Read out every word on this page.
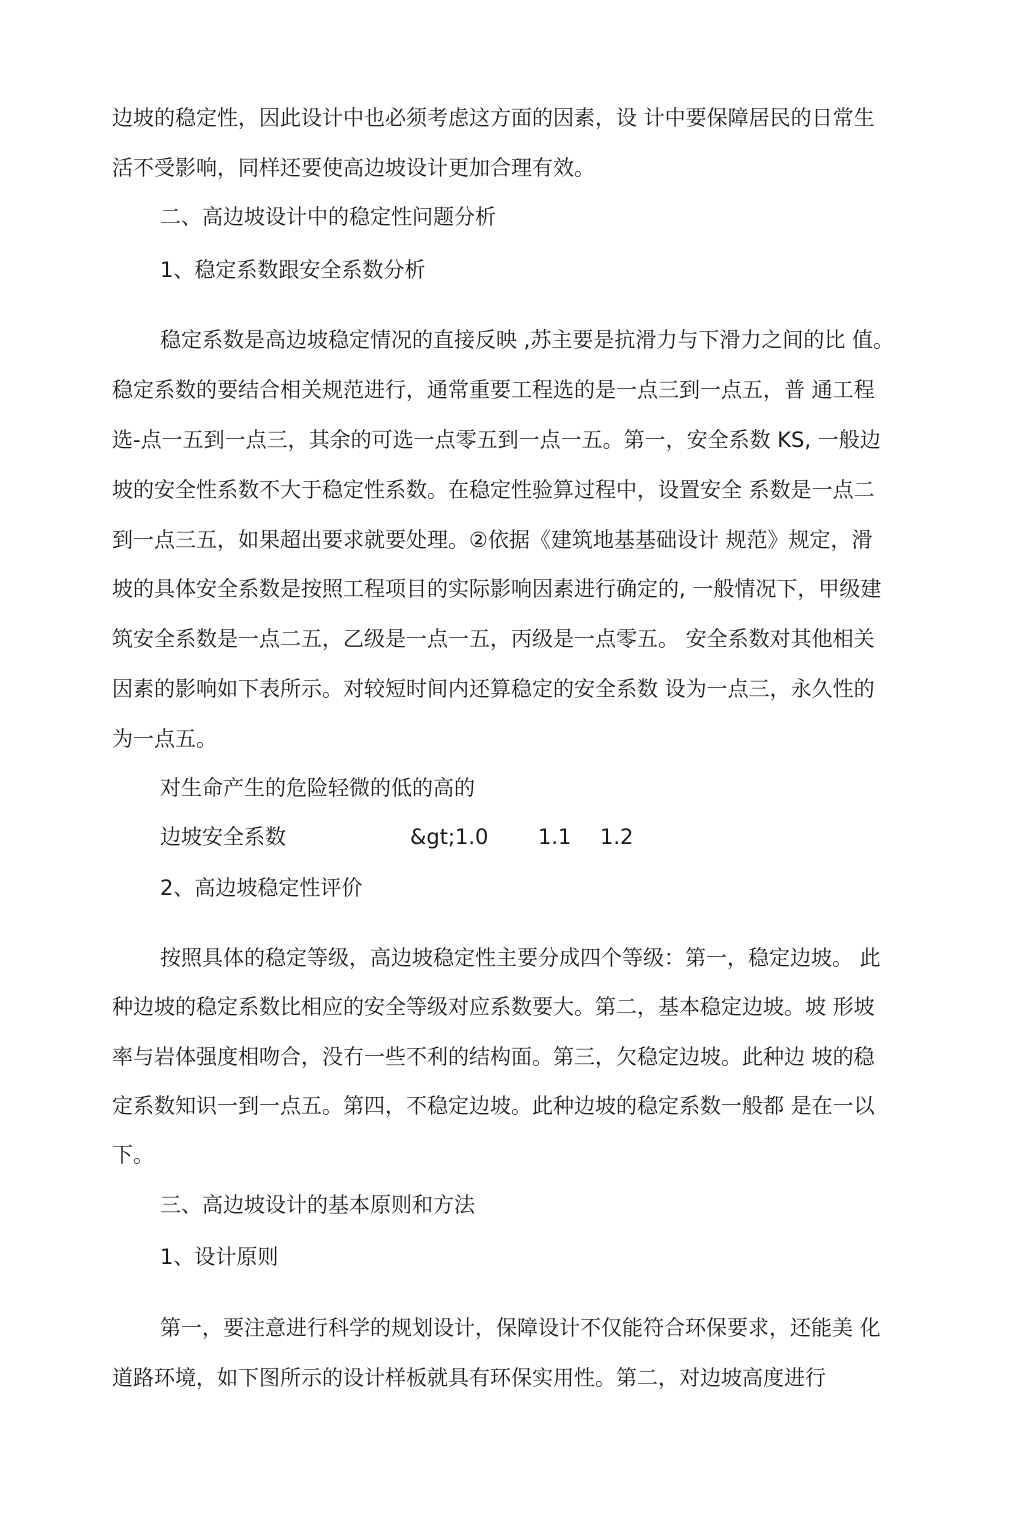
边坡的稳定性，因此设计中也必须考虑这方面的因素，设 计中要保障居民的日常生
活不受影响，同样还要使高边坡设计更加合理有效。
二、高边坡设计中的稳定性问题分析
1、稳定系数跟安全系数分析
稳定系数是高边坡稳定情况的直接反映 ,苏主要是抗滑力与下滑力之间的比 值。
稳定系数的要结合相关规范进行，通常重要工程选的是一点三到一点五，普 通工程
选-点一五到一点三，其余的可选一点零五到一点一五。第一，安全系数 KS, 一般边
坡的安全性系数不大于稳定性系数。在稳定性验算过程中，设置安全 系数是一点二
到一点三五，如果超出要求就要处理。②依据《建筑地基基础设计 规范》规定，滑
坡的具体安全系数是按照工程项目的实际影响因素进行确定的, 一般情况下，甲级建
筑安全系数是一点二五，乙级是一点一五，丙级是一点零五。 安全系数对其他相关
因素的影响如下表所示。对较短时间内还算稳定的安全系数 设为一点三，永久性的
为一点五。
对生命产生的危险轻微的低的高的
边坡安全系数	&gt;1.0 1.1 1.2
2、高边坡稳定性评价
按照具体的稳定等级，高边坡稳定性主要分成四个等级：第一，稳定边坡。 此
种边坡的稳定系数比相应的安全等级对应系数要大。第二，基本稳定边坡。坡 形坡
率与岩体强度相吻合，没冇一些不利的结构面。第三，欠稳定边坡。此种边 坡的稳
定系数知识一到一点五。第四，不稳定边坡。此种边坡的稳定系数一般都 是在一以
下。
三、高边坡设计的基本原则和方法
1、设计原则
第一，要注意进行科学的规划设计，保障设计不仅能符合环保要求，还能美 化
道路环境，如下图所示的设计样板就具有环保实用性。第二，对边坡高度进行
